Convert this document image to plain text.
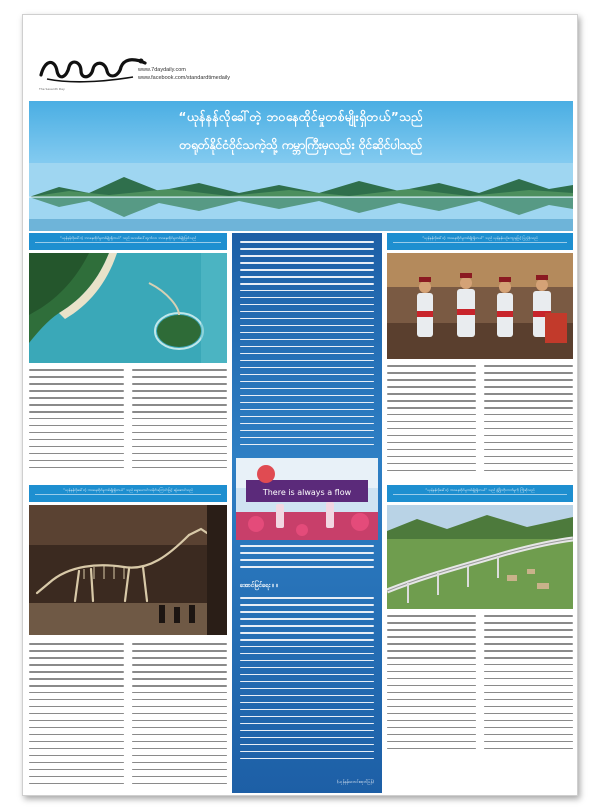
The Seventh Day
www.7daydaily.com
www.facebook.com/standardtimedaily
“ယုန်နန်လိုခေါ်တဲ့ ဘဝနေထိုင်မှုတစ်မျိုးရှိတယ်”သည်
တရုတ်နိုင်ငံဝိုင်သကဲ့သို့ ကမ္ဘာကြီးမှလည်း ဝိုင်ဆိုင်ပါသည်
“ယုန်နန်လိုခေါ်တဲ့ ဘဝနေထိုင်မှုတစ်မျိုးရှိတယ်” သည် အသစ်ပေါ်ထွက်လာ ဘ၀နေထိုင်မှုတစ်မျိုးဖြစ်သည်	“ယုန်နန်လိုခေါ်တဲ့ ဘဝနေထိုင်မှုတစ်မျိုးရှိတယ်” သည် ယုန်နန်ယဉ်ကျေးမှုဖြင့် ပြည့်စုံသည်
“ယုန်နန်လိုခေါ်တဲ့ ဘဝနေထိုင်မှုတစ်မျိုးရှိတယ်” သည် ရှေးဟောင်းသမိုင်းကြောင်းဖြင့် ဆွဲဆောင်သည်	“ယုန်နန်လိုခေါ်တဲ့ ဘဝနေထိုင်မှုတစ်မျိုးရှိတယ်” သည် ဖွံ့ဖြိုးတိုးတက်မှုကို ကြိုဆိုသည်
There is always a flow
အောင်မြင်ရေး ။ ။
(ယုန်နန်သတင်းထုတ်ပြန်)
